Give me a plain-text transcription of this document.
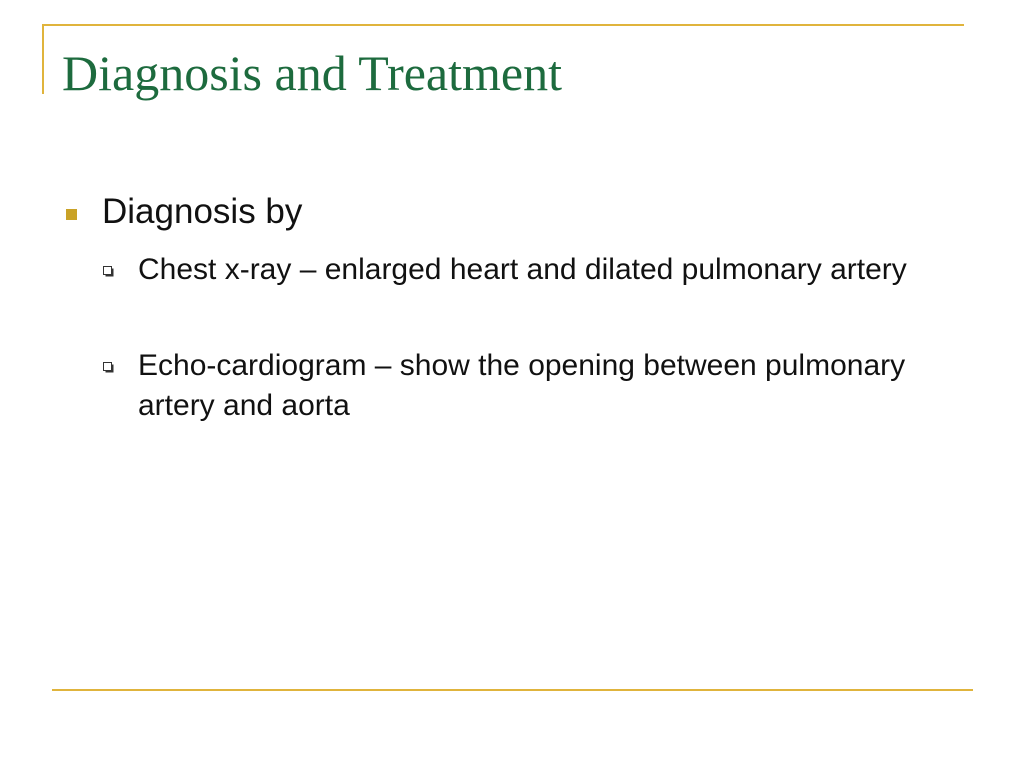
Diagnosis and Treatment
Diagnosis by
Chest x-ray – enlarged heart and dilated pulmonary artery
Echo-cardiogram – show the opening between pulmonary artery and aorta
